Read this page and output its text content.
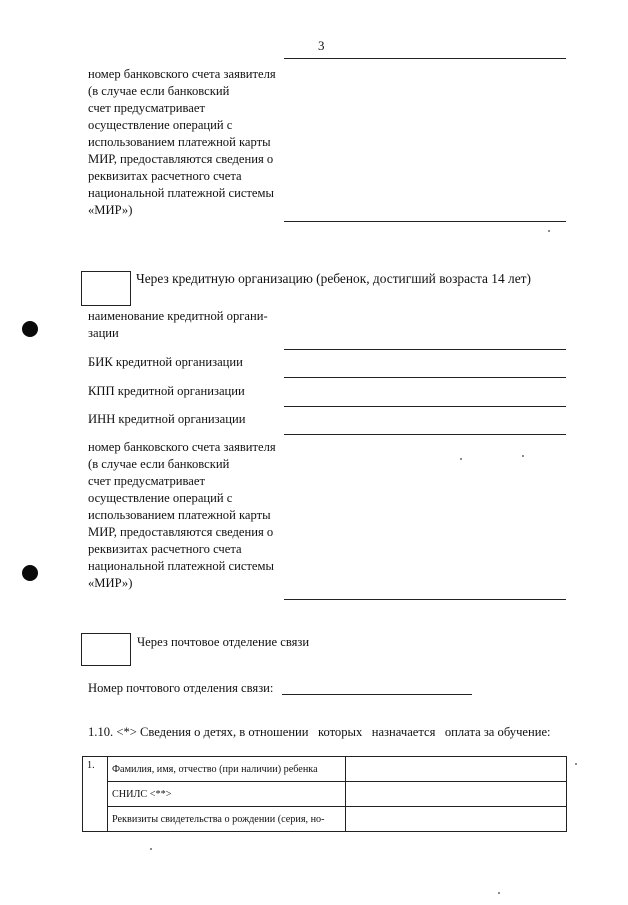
3
номер банковского счета заявителя
(в случае если банковский
счет предусматривает
осуществление операций с
использованием платежной карты
МИР, предоставляются сведения о
реквизитах расчетного счета
национальной платежной системы
«МИР»)
Через кредитную организацию (ребенок, достигший возраста 14 лет)
наименование кредитной органи-
зации
БИК кредитной организации
КПП кредитной организации
ИНН кредитной организации
номер банковского счета заявителя
(в случае если банковский
счет предусматривает
осуществление операций с
использованием платежной карты
МИР, предоставляются сведения о
реквизитах расчетного счета
национальной платежной системы
«МИР»)
Через почтовое отделение связи
Номер почтового отделения связи:
1.10. <*> Сведения о детях, в отношении   которых   назначается   оплата за обучение:
1.	Фамилия, имя, отчество (при наличии) ребенка	
	СНИЛС <**>	
	Реквизиты свидетельства о рождении (серия, но-	
